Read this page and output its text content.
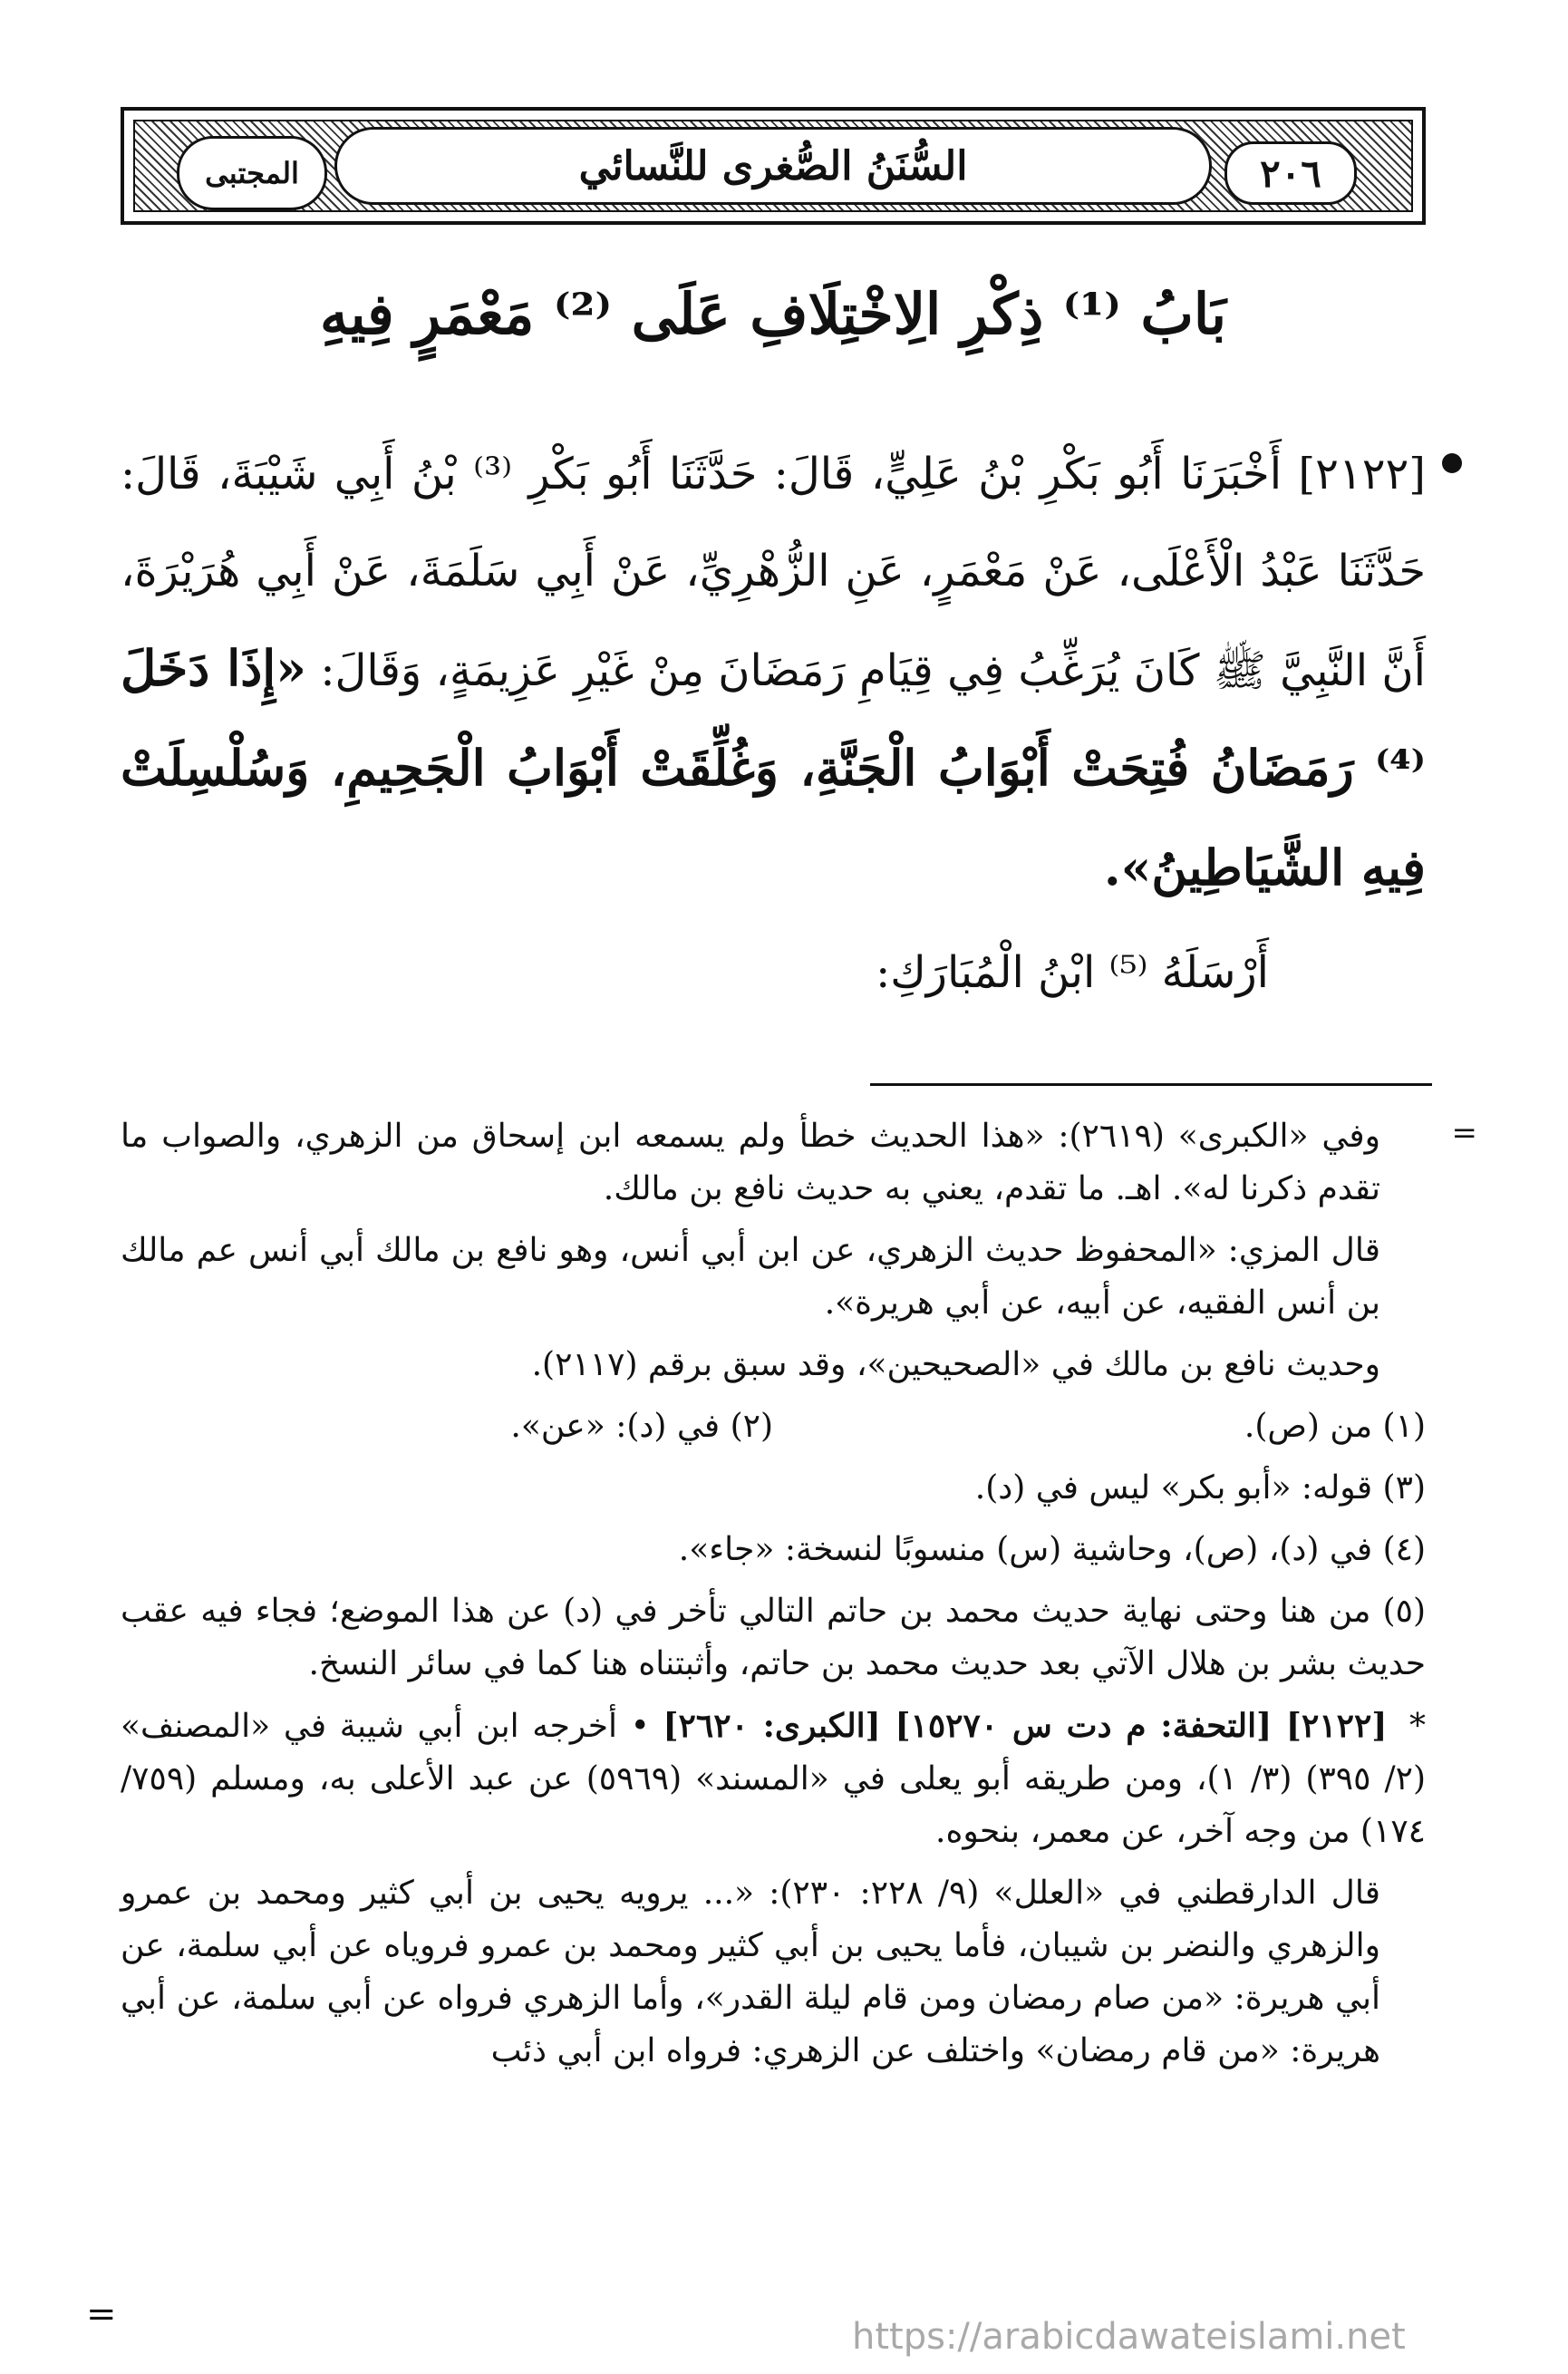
المجتبى	السُّنَنُ الصُّغرى للنَّسائي	٢٠٦
بَابُ ⁽¹⁾ ذِكْرِ الِاخْتِلَافِ عَلَى ⁽²⁾ مَعْمَرٍ فِيهِ
[٢١٢٢] أَخْبَرَنَا أَبُو بَكْرِ بْنُ عَلِيٍّ، قَالَ: حَدَّثَنَا أَبُو بَكْرِ ⁽³⁾ بْنُ أَبِي شَيْبَةَ، قَالَ: حَدَّثَنَا عَبْدُ الْأَعْلَى، عَنْ مَعْمَرٍ، عَنِ الزُّهْرِيِّ، عَنْ أَبِي سَلَمَةَ، عَنْ أَبِي هُرَيْرَةَ، أَنَّ النَّبِيَّ ﷺ كَانَ يُرَغِّبُ فِي قِيَامِ رَمَضَانَ مِنْ غَيْرِ عَزِيمَةٍ، وَقَالَ: «إِذَا دَخَلَ ⁽⁴⁾ رَمَضَانُ فُتِحَتْ أَبْوَابُ الْجَنَّةِ، وَغُلِّقَتْ أَبْوَابُ الْجَحِيمِ، وَسُلْسِلَتْ فِيهِ الشَّيَاطِينُ».
أَرْسَلَهُ ⁽⁵⁾ ابْنُ الْمُبَارَكِ:
=

وفي «الكبرى» (٢٦١٩): «هذا الحديث خطأ ولم يسمعه ابن إسحاق من الزهري، والصواب ما تقدم ذكرنا له». اهـ. ما تقدم، يعني به حديث نافع بن مالك.

قال المزي: «المحفوظ حديث الزهري، عن ابن أبي أنس، وهو نافع بن مالك أبي أنس عم مالك بن أنس الفقيه، عن أبيه، عن أبي هريرة».

وحديث نافع بن مالك في «الصحيحين»، وقد سبق برقم (٢١١٧).

(١) من (ص).
(٢) في (د): «عن».

(٣) قوله: «أبو بكر» ليس في (د).

(٤) في (د)، (ص)، وحاشية (س) منسوبًا لنسخة: «جاء».

(٥) من هنا وحتى نهاية حديث محمد بن حاتم التالي تأخر في (د) عن هذا الموضع؛ فجاء فيه عقب حديث بشر بن هلال الآتي بعد حديث محمد بن حاتم، وأثبتناه هنا كما في سائر النسخ.

* [٢١٢٢] [التحفة: م دت س ١٥٢٧٠] [الكبرى: ٢٦٢٠] • أخرجه ابن أبي شيبة في «المصنف» (٢/ ٣٩٥) (٣/ ١)، ومن طريقه أبو يعلى في «المسند» (٥٩٦٩) عن عبد الأعلى به، ومسلم (٧٥٩/ ١٧٤) من وجه آخر، عن معمر، بنحوه.

قال الدارقطني في «العلل» (٩/ ٢٢٨: ٢٣٠): «... يرويه يحيى بن أبي كثير ومحمد بن عمرو والزهري والنضر بن شيبان، فأما يحيى بن أبي كثير ومحمد بن عمرو فروياه عن أبي سلمة، عن أبي هريرة: «من صام رمضان ومن قام ليلة القدر»، وأما الزهري فرواه عن أبي سلمة، عن أبي هريرة: «من قام رمضان» واختلف عن الزهري: فرواه ابن أبي ذئب

=
https://arabicdawateislami.net
